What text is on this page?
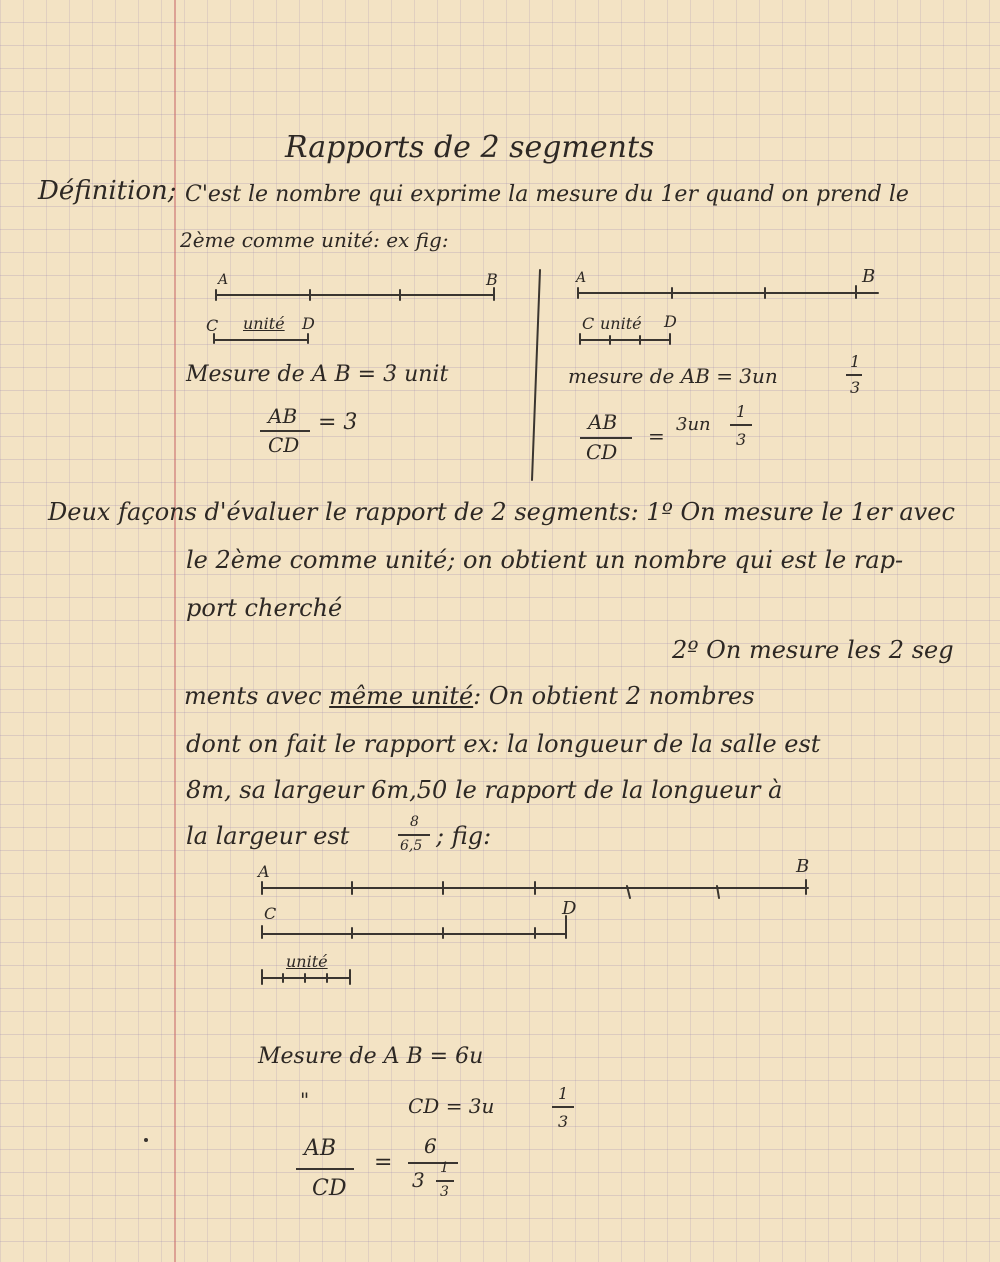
Rapports de 2 segments
Définition; C'est le nombre qui exprime la mesure du 1er quand on prend le
2ème comme unité: ex fig:
A	B
C unité D
Mesure de A B = 3 unit
AB
CD
= 3
A	B
C unité D
mesure de AB = 3un
1
3
AB
CD
= 3un
1
3
Deux façons d'évaluer le rapport de 2 segments: 1º On mesure le 1er avec
le 2ème comme unité; on obtient un nombre qui est le rap-
port cherché
2º On mesure les 2 seg
ments avec même unité: On obtient 2 nombres
dont on fait le rapport ex: la longueur de la salle est
8m, sa largeur 6m,50 le rapport de la longueur à
la largeur est	8
6,5 ; fig:
A	B
C	D
unité
Mesure de A B = 6u
"	CD = 3u
1
3
AB
CD
=
6
3 1
3
